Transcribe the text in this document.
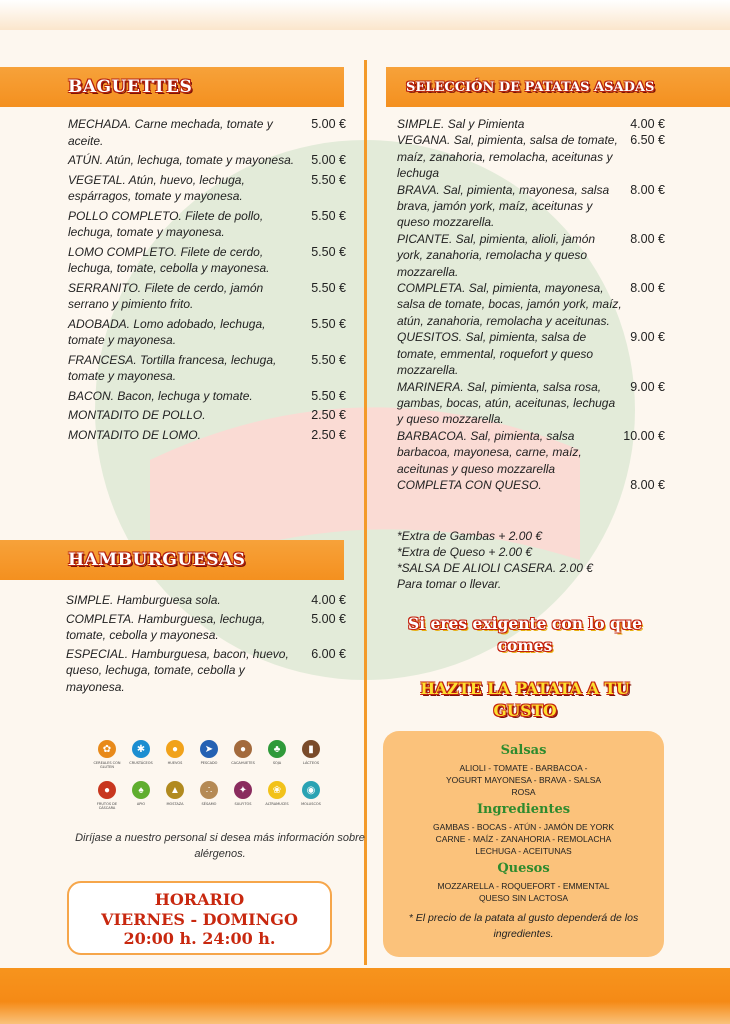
BAGUETTES
MECHADA. Carne mechada, tomate y aceite.
5.00 €
ATÚN. Atún, lechuga, tomate y mayonesa.	5.00 €
VEGETAL. Atún, huevo, lechuga, espárragos, tomate y mayonesa.
5.50 €
POLLO COMPLETO. Filete de pollo, lechuga, tomate y mayonesa.
5.50 €
LOMO COMPLETO. Filete de cerdo, lechuga, tomate, cebolla y mayonesa.
5.50 €
SERRANITO. Filete de cerdo, jamón serrano y pimiento frito.
5.50 €
ADOBADA. Lomo adobado, lechuga, tomate y mayonesa.
5.50 €
FRANCESA. Tortilla francesa, lechuga, tomate y mayonesa.
5.50 €
BACON. Bacon, lechuga y tomate.	5.50 €
MONTADITO DE POLLO.	2.50 €
MONTADITO DE LOMO.	2.50 €
HAMBURGUESAS
SIMPLE. Hamburguesa sola.	4.00 €
COMPLETA. Hamburguesa, lechuga, tomate, cebolla y mayonesa.
5.00 €
ESPECIAL. Hamburguesa, bacon, huevo, queso, lechuga, tomate, cebolla y mayonesa.
6.00 €
SELECCIÓN DE PATATAS ASADAS
SIMPLE. Sal y Pimienta	4.00 €
VEGANA. Sal, pimienta, salsa de tomate, maíz, zanahoria, remolacha, aceitunas y lechuga
6.50 €
BRAVA. Sal, pimienta, mayonesa, salsa brava, jamón york, maíz, aceitunas y queso mozzarella.
8.00 €
PICANTE. Sal, pimienta, alioli, jamón york, zanahoria, remolacha y queso mozzarella.
8.00 €
COMPLETA. Sal, pimienta, mayonesa, salsa de tomate, bocas, jamón york, maíz, atún, zanahoria, remolacha y aceitunas.
8.00 €
QUESITOS. Sal, pimienta, salsa de tomate, emmental, roquefort y queso mozzarella.
9.00 €
MARINERA. Sal, pimienta, salsa rosa, gambas, bocas, atún, aceitunas, lechuga y queso mozzarella.
9.00 €
BARBACOA. Sal, pimienta, salsa barbacoa, mayonesa, carne, maíz, aceitunas y queso mozzarella
10.00 €
COMPLETA CON QUESO.	8.00 €
*Extra de Gambas + 2.00 €
*Extra de Queso + 2.00 €
*SALSA DE ALIOLI CASERA. 2.00 €
Para tomar o llevar.
✿
CEREALES CON GLUTEN
✱
CRUSTÁCEOS
●
HUEVOS
➤
PESCADO
●
CACAHUETES
♣
SOJA
▮
LÁCTEOS
●
FRUTOS DE CÁSCARA
♠
APIO
▲
MOSTAZA
∴
SÉSAMO
✦
SULFITOS
❀
ALTRAMUCES
◉
MOLUSCOS
Diríjase a nuestro personal si desea más información sobre alérgenos.
HORARIO
VIERNES - DOMINGO
20:00 h. 24:00 h.
Si eres exigente con lo que comes
HAZTE LA PATATA A TU GUSTO
Salsas
ALIOLI - TOMATE - BARBACOA - YOGURT MAYONESA - BRAVA - SALSA ROSA
Ingredientes
GAMBAS - BOCAS - ATÚN - JAMÓN DE YORK CARNE - MAÍZ - ZANAHORIA - REMOLACHA LECHUGA - ACEITUNAS
Quesos
MOZZARELLA - ROQUEFORT - EMMENTAL QUESO SIN LACTOSA
* El precio de la patata al gusto dependerá de los ingredientes.
